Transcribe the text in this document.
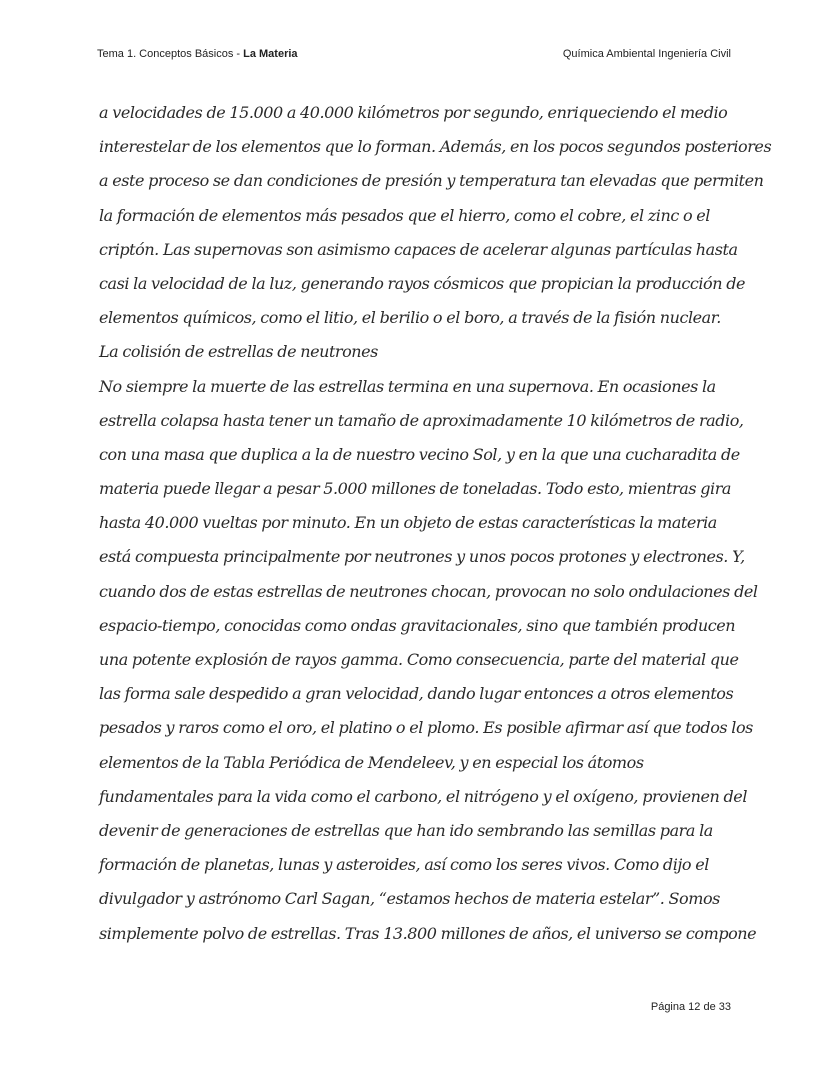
Tema 1. Conceptos Básicos - La Materia	Química Ambiental Ingeniería Civil
a velocidades de 15.000 a 40.000 kilómetros por segundo, enriqueciendo el medio
interestelar de los elementos que lo forman. Además, en los pocos segundos posteriores
a este proceso se dan condiciones de presión y temperatura tan elevadas que permiten
la formación de elementos más pesados que el hierro, como el cobre, el zinc o el
criptón. Las supernovas son asimismo capaces de acelerar algunas partículas hasta
casi la velocidad de la luz, generando rayos cósmicos que propician la producción de
elementos químicos, como el litio, el berilio o el boro, a través de la fisión nuclear.
La colisión de estrellas de neutrones
No siempre la muerte de las estrellas termina en una supernova. En ocasiones la
estrella colapsa hasta tener un tamaño de aproximadamente 10 kilómetros de radio,
con una masa que duplica a la de nuestro vecino Sol, y en la que una cucharadita de
materia puede llegar a pesar 5.000 millones de toneladas. Todo esto, mientras gira
hasta 40.000 vueltas por minuto. En un objeto de estas características la materia
está compuesta principalmente por neutrones y unos pocos protones y electrones. Y,
cuando dos de estas estrellas de neutrones chocan, provocan no solo ondulaciones del
espacio-tiempo, conocidas como ondas gravitacionales, sino que también producen
una potente explosión de rayos gamma. Como consecuencia, parte del material que
las forma sale despedido a gran velocidad, dando lugar entonces a otros elementos
pesados y raros como el oro, el platino o el plomo. Es posible afirmar así que todos los
elementos de la Tabla Periódica de Mendeleev, y en especial los átomos
fundamentales para la vida como el carbono, el nitrógeno y el oxígeno, provienen del
devenir de generaciones de estrellas que han ido sembrando las semillas para la
formación de planetas, lunas y asteroides, así como los seres vivos. Como dijo el
divulgador y astrónomo Carl Sagan, “estamos hechos de materia estelar”. Somos
simplemente polvo de estrellas. Tras 13.800 millones de años, el universo se compone
Página 12 de 33
